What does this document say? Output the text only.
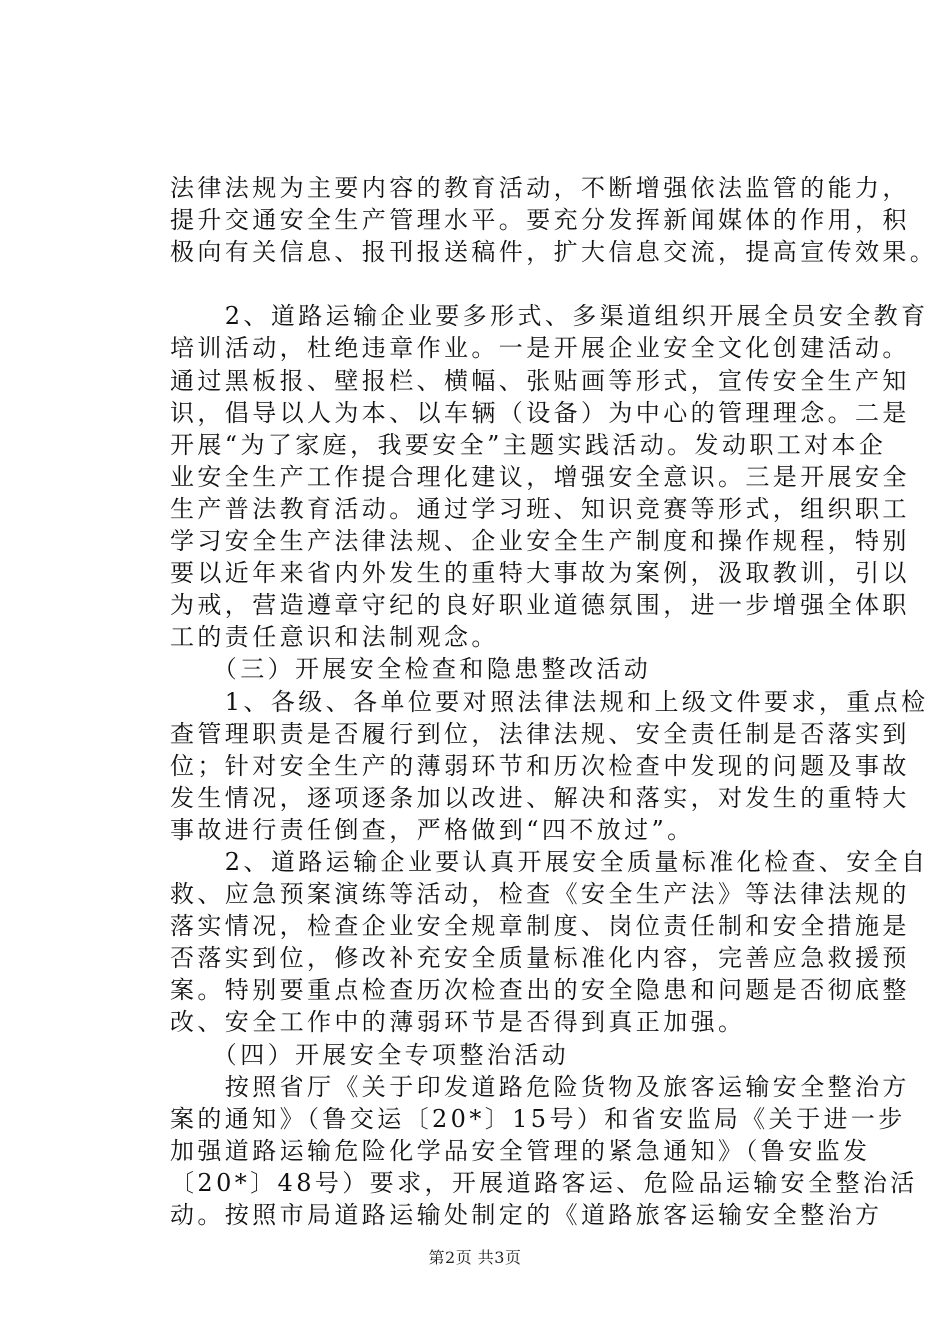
法律法规为主要内容的教育活动，不断增强依法监管的能力，
提升交通安全生产管理水平。要充分发挥新闻媒体的作用，积
极向有关信息、报刊报送稿件，扩大信息交流，提高宣传效果。
　　2、道路运输企业要多形式、多渠道组织开展全员安全教育
培训活动，杜绝违章作业。一是开展企业安全文化创建活动。
通过黑板报、壁报栏、横幅、张贴画等形式，宣传安全生产知
识，倡导以人为本、以车辆（设备）为中心的管理理念。二是
开展“为了家庭，我要安全”主题实践活动。发动职工对本企
业安全生产工作提合理化建议，增强安全意识。三是开展安全
生产普法教育活动。通过学习班、知识竞赛等形式，组织职工
学习安全生产法律法规、企业安全生产制度和操作规程，特别
要以近年来省内外发生的重特大事故为案例，汲取教训，引以
为戒，营造遵章守纪的良好职业道德氛围，进一步增强全体职
工的责任意识和法制观念。
　　（三）开展安全检查和隐患整改活动
　　1、各级、各单位要对照法律法规和上级文件要求，重点检
查管理职责是否履行到位，法律法规、安全责任制是否落实到
位；针对安全生产的薄弱环节和历次检查中发现的问题及事故
发生情况，逐项逐条加以改进、解决和落实，对发生的重特大
事故进行责任倒查，严格做到“四不放过”。
　　2、道路运输企业要认真开展安全质量标准化检查、安全自
救、应急预案演练等活动，检查《安全生产法》等法律法规的
落实情况，检查企业安全规章制度、岗位责任制和安全措施是
否落实到位，修改补充安全质量标准化内容，完善应急救援预
案。特别要重点检查历次检查出的安全隐患和问题是否彻底整
改、安全工作中的薄弱环节是否得到真正加强。
　　（四）开展安全专项整治活动
　　按照省厅《关于印发道路危险货物及旅客运输安全整治方
案的通知》（鲁交运〔20*〕15号）和省安监局《关于进一步
加强道路运输危险化学品安全管理的紧急通知》（鲁安监发
〔20*〕48号）要求，开展道路客运、危险品运输安全整治活
动。按照市局道路运输处制定的《道路旅客运输安全整治方
第2页 共3页
